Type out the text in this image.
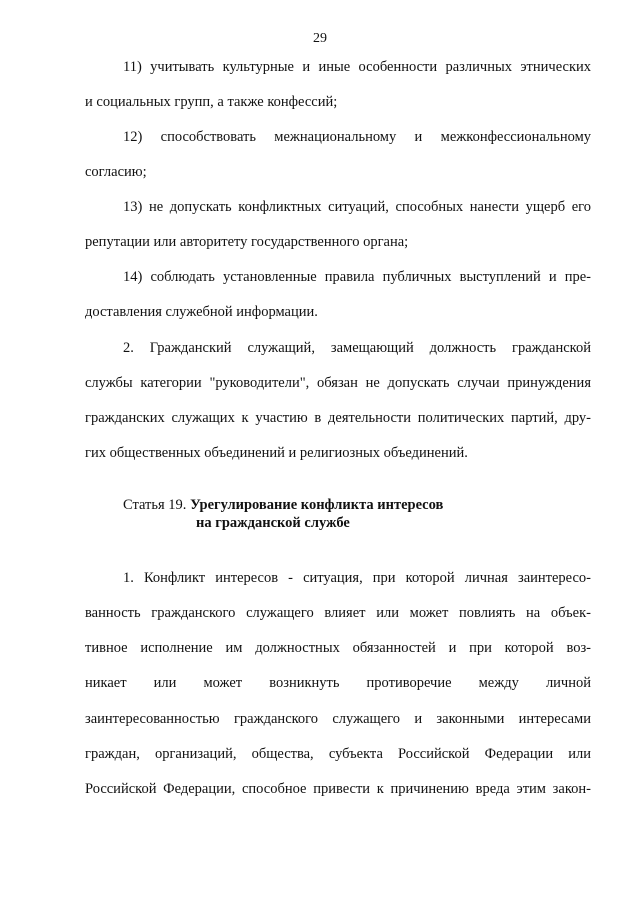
29
11) учитывать культурные и иные особенности различных этнических
и социальных групп, а также конфессий;
12) способствовать межнациональному и межконфессиональному
согласию;
13) не допускать конфликтных ситуаций, способных нанести ущерб его
репутации или авторитету государственного органа;
14) соблюдать установленные правила публичных выступлений и пре-
доставления служебной информации.
2. Гражданский служащий, замещающий должность гражданской
службы категории "руководители", обязан не допускать случаи принуждения
гражданских служащих к участию в деятельности политических партий, дру-
гих общественных объединений и религиозных объединений.
Статья 19. Урегулирование конфликта интересов
на гражданской службе
1. Конфликт интересов - ситуация, при которой личная заинтересо-
ванность гражданского служащего влияет или может повлиять на объек-
тивное исполнение им должностных обязанностей и при которой воз-
никает или может возникнуть противоречие между личной
заинтересованностью гражданского служащего и законными интересами
граждан, организаций, общества, субъекта Российской Федерации или
Российской Федерации, способное привести к причинению вреда этим закон-
